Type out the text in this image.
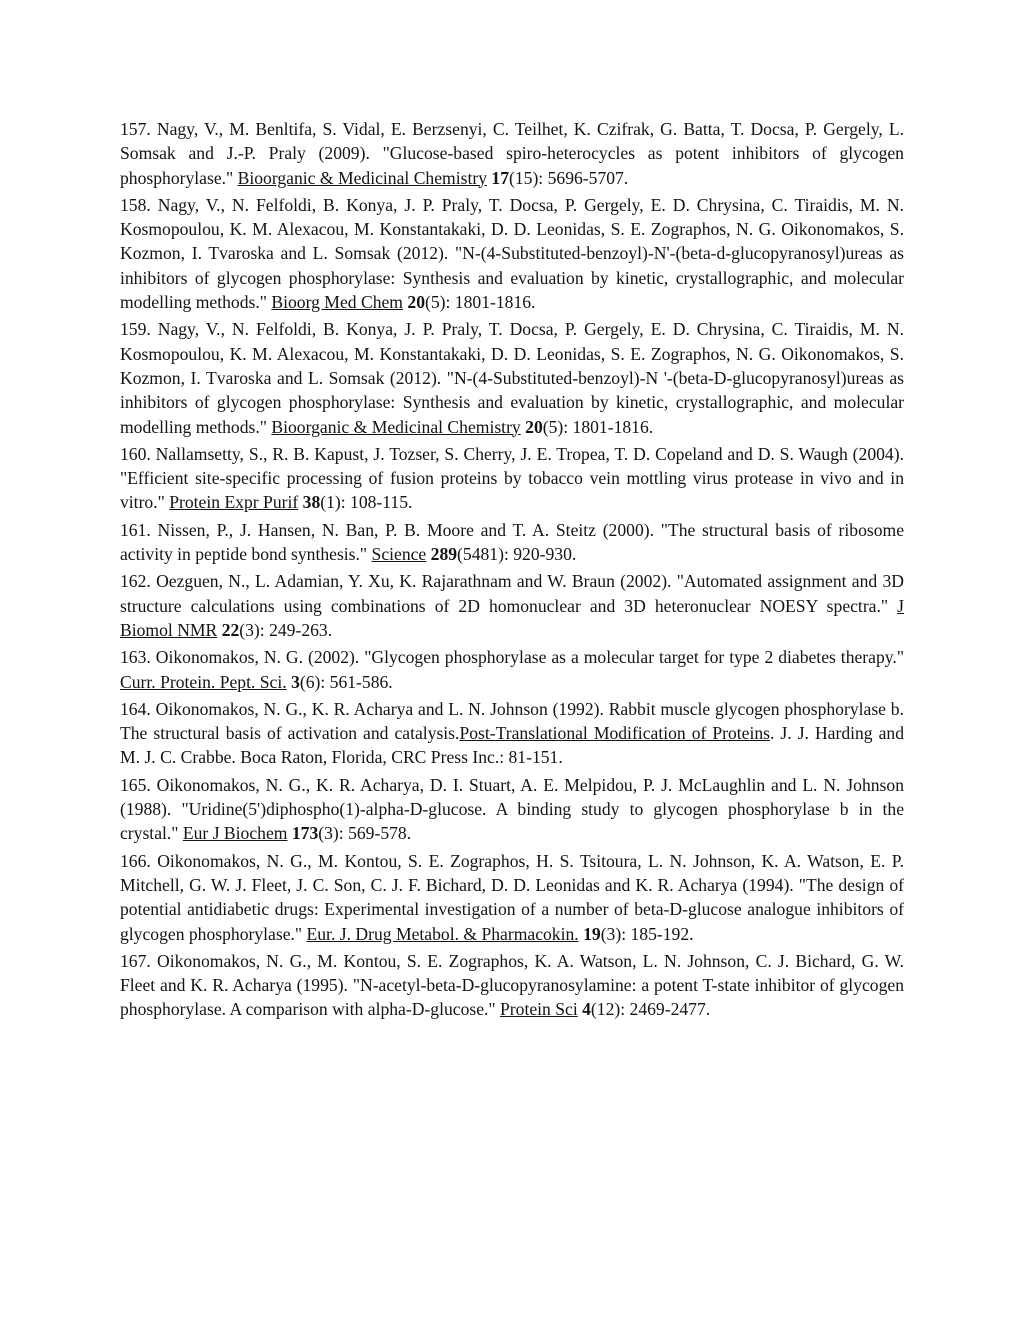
157. Nagy, V., M. Benltifa, S. Vidal, E. Berzsenyi, C. Teilhet, K. Czifrak, G. Batta, T. Docsa, P. Gergely, L. Somsak and J.-P. Praly (2009). "Glucose-based spiro-heterocycles as potent inhibitors of glycogen phosphorylase." Bioorganic & Medicinal Chemistry 17(15): 5696-5707.

158. Nagy, V., N. Felfoldi, B. Konya, J. P. Praly, T. Docsa, P. Gergely, E. D. Chrysina, C. Tiraidis, M. N. Kosmopoulou, K. M. Alexacou, M. Konstantakaki, D. D. Leonidas, S. E. Zographos, N. G. Oikonomakos, S. Kozmon, I. Tvaroska and L. Somsak (2012). "N-(4-Substituted-benzoyl)-N'-(beta-d-glucopyranosyl)ureas as inhibitors of glycogen phosphorylase: Synthesis and evaluation by kinetic, crystallographic, and molecular modelling methods." Bioorg Med Chem 20(5): 1801-1816.

159. Nagy, V., N. Felfoldi, B. Konya, J. P. Praly, T. Docsa, P. Gergely, E. D. Chrysina, C. Tiraidis, M. N. Kosmopoulou, K. M. Alexacou, M. Konstantakaki, D. D. Leonidas, S. E. Zographos, N. G. Oikonomakos, S. Kozmon, I. Tvaroska and L. Somsak (2012). "N-(4-Substituted-benzoyl)-N '-(beta-D-glucopyranosyl)ureas as inhibitors of glycogen phosphorylase: Synthesis and evaluation by kinetic, crystallographic, and molecular modelling methods." Bioorganic & Medicinal Chemistry 20(5): 1801-1816.

160. Nallamsetty, S., R. B. Kapust, J. Tozser, S. Cherry, J. E. Tropea, T. D. Copeland and D. S. Waugh (2004). "Efficient site-specific processing of fusion proteins by tobacco vein mottling virus protease in vivo and in vitro." Protein Expr Purif 38(1): 108-115.

161. Nissen, P., J. Hansen, N. Ban, P. B. Moore and T. A. Steitz (2000). "The structural basis of ribosome activity in peptide bond synthesis." Science 289(5481): 920-930.

162. Oezguen, N., L. Adamian, Y. Xu, K. Rajarathnam and W. Braun (2002). "Automated assignment and 3D structure calculations using combinations of 2D homonuclear and 3D heteronuclear NOESY spectra." J Biomol NMR 22(3): 249-263.

163. Oikonomakos, N. G. (2002). "Glycogen phosphorylase as a molecular target for type 2 diabetes therapy." Curr. Protein. Pept. Sci. 3(6): 561-586.

164. Oikonomakos, N. G., K. R. Acharya and L. N. Johnson (1992). Rabbit muscle glycogen phosphorylase b. The structural basis of activation and catalysis.Post-Translational Modification of Proteins. J. J. Harding and M. J. C. Crabbe. Boca Raton, Florida, CRC Press Inc.: 81-151.

165. Oikonomakos, N. G., K. R. Acharya, D. I. Stuart, A. E. Melpidou, P. J. McLaughlin and L. N. Johnson (1988). "Uridine(5')diphospho(1)-alpha-D-glucose. A binding study to glycogen phosphorylase b in the crystal." Eur J Biochem 173(3): 569-578.

166. Oikonomakos, N. G., M. Kontou, S. E. Zographos, H. S. Tsitoura, L. N. Johnson, K. A. Watson, E. P. Mitchell, G. W. J. Fleet, J. C. Son, C. J. F. Bichard, D. D. Leonidas and K. R. Acharya (1994). "The design of potential antidiabetic drugs: Experimental investigation of a number of beta-D-glucose analogue inhibitors of glycogen phosphorylase." Eur. J. Drug Metabol. & Pharmacokin. 19(3): 185-192.

167. Oikonomakos, N. G., M. Kontou, S. E. Zographos, K. A. Watson, L. N. Johnson, C. J. Bichard, G. W. Fleet and K. R. Acharya (1995). "N-acetyl-beta-D-glucopyranosylamine: a potent T-state inhibitor of glycogen phosphorylase. A comparison with alpha-D-glucose." Protein Sci 4(12): 2469-2477.
